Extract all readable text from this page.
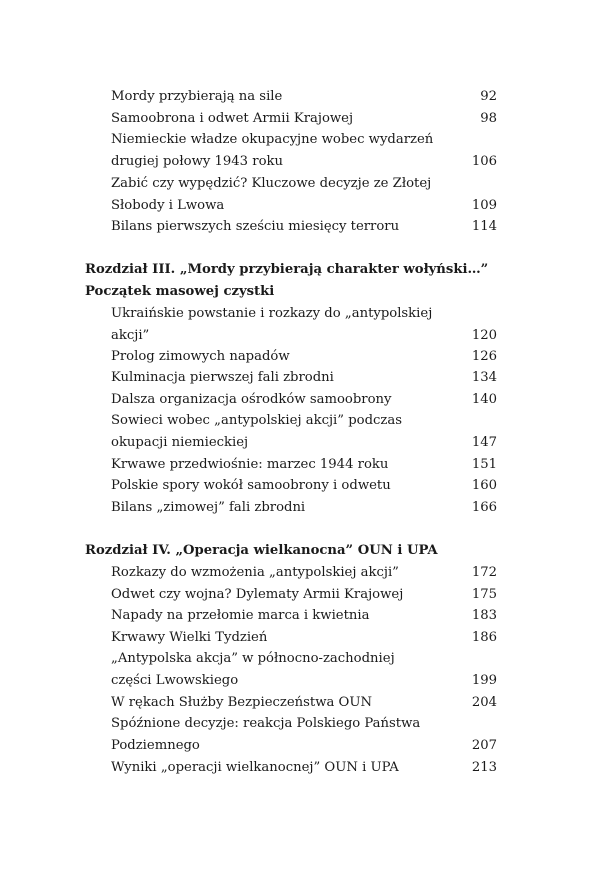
Mordy przybierają na sile	92
Samoobrona i odwet Armii Krajowej	98
Niemieckie władze okupacyjne wobec wydarzeń
drugiej połowy 1943 roku	106
Zabić czy wypędzić? Kluczowe decyzje ze Złotej
Słobody i Lwowa	109
Bilans pierwszych sześciu miesięcy terroru	114
Rozdział III. „Mordy przybierają charakter wołyński…”
Początek masowej czystki
Ukraińskie powstanie i rozkazy do „antypolskiej
akcji”	120
Prolog zimowych napadów	126
Kulminacja pierwszej fali zbrodni	134
Dalsza organizacja ośrodków samoobrony	140
Sowieci wobec „antypolskiej akcji” podczas
okupacji niemieckiej	147
Krwawe przedwiośnie: marzec 1944 roku	151
Polskie spory wokół samoobrony i odwetu	160
Bilans „zimowej” fali zbrodni	166
Rozdział IV. „Operacja wielkanocna” OUN i UPA
Rozkazy do wzmożenia „antypolskiej akcji”	172
Odwet czy wojna? Dylematy Armii Krajowej	175
Napady na przełomie marca i kwietnia	183
Krwawy Wielki Tydzień	186
„Antypolska akcja” w północno-zachodniej
części Lwowskiego	199
W rękach Służby Bezpieczeństwa OUN	204
Spóźnione decyzje: reakcja Polskiego Państwa
Podziemnego	207
Wyniki „operacji wielkanocnej” OUN i UPA	213
